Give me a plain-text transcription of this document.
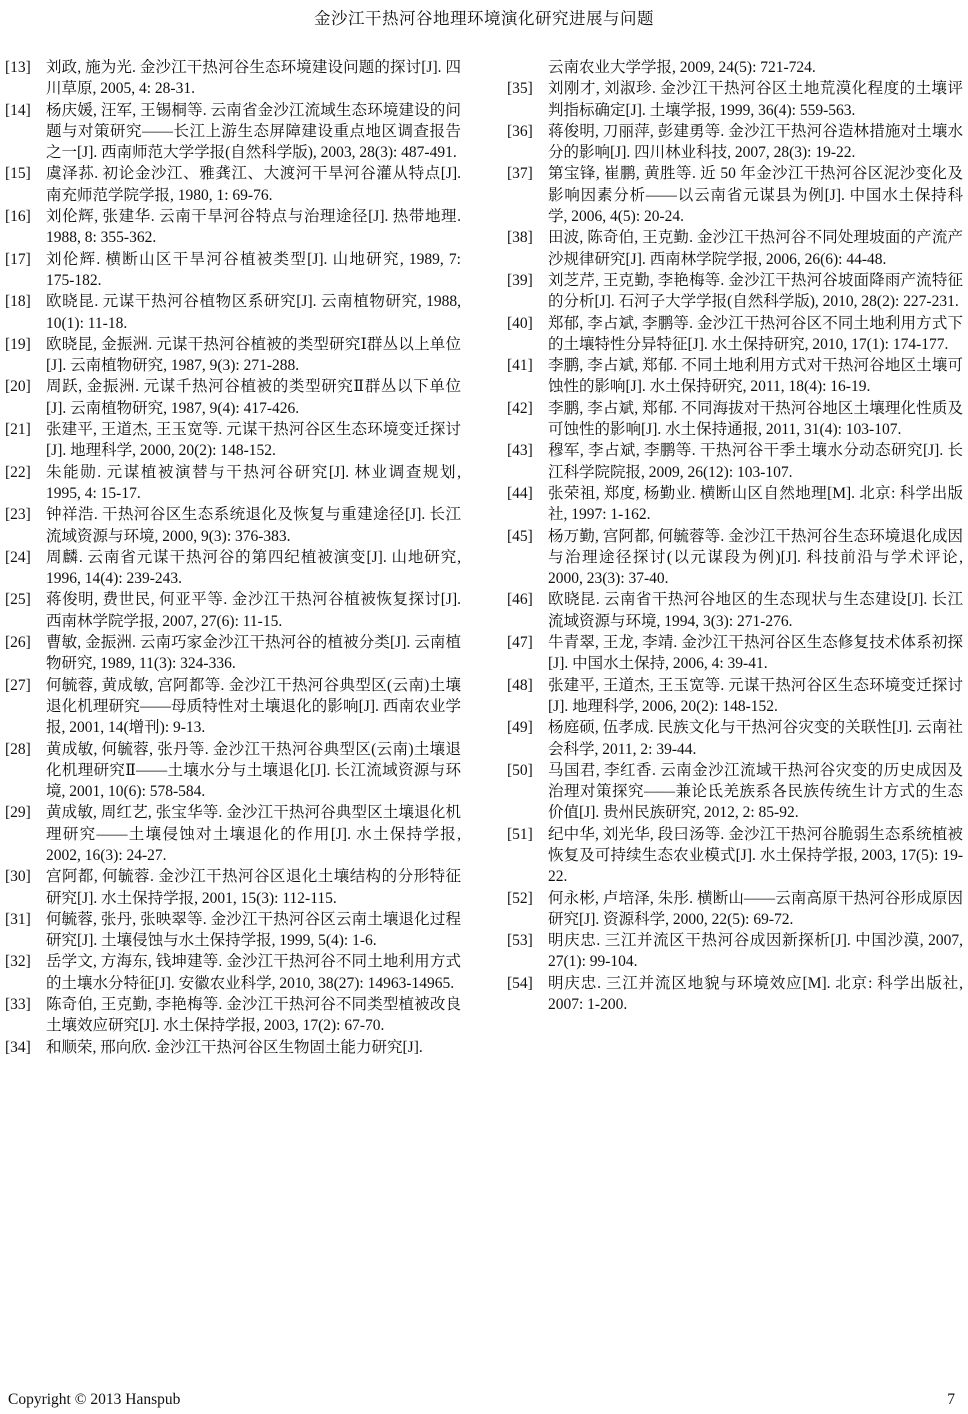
金沙江干热河谷地理环境演化研究进展与问题
[13] 刘政, 施为光. 金沙江干热河谷生态环境建设问题的探讨[J]. 四川草原, 2005, 4: 28-31.
[14] 杨庆媛, 汪军, 王锡桐等. 云南省金沙江流域生态环境建设的问题与对策研究——长江上游生态屏障建设重点地区调查报告之一[J]. 西南师范大学学报(自然科学版), 2003, 28(3): 487-491.
[15] 虞泽荪. 初论金沙江、雅龚江、大渡河干旱河谷灌从特点[J]. 南充师范学院学报, 1980, 1: 69-76.
[16] 刘伦辉, 张建华. 云南干旱河谷特点与治理途径[J]. 热带地理. 1988, 8: 355-362.
[17] 刘伦辉. 横断山区干旱河谷植被类型[J]. 山地研究, 1989, 7: 175-182.
[18] 欧晓昆. 元谋干热河谷植物区系研究[J]. 云南植物研究, 1988, 10(1): 11-18.
[19] 欧晓昆, 金振洲. 元谋干热河谷植被的类型研究Ⅰ群丛以上单位[J]. 云南植物研究, 1987, 9(3): 271-288.
[20] 周跃, 金振洲. 元谋千热河谷植被的类型研究Ⅱ群丛以下单位[J]. 云南植物研究, 1987, 9(4): 417-426.
[21] 张建平, 王道杰, 王玉宽等. 元谋干热河谷区生态环境变迁探讨[J]. 地理科学, 2000, 20(2): 148-152.
[22] 朱能勋. 元谋植被演替与干热河谷研究[J]. 林业调查规划, 1995, 4: 15-17.
[23] 钟祥浩. 干热河谷区生态系统退化及恢复与重建途径[J]. 长江流域资源与环境, 2000, 9(3): 376-383.
[24] 周麟. 云南省元谋干热河谷的第四纪植被演变[J]. 山地研究, 1996, 14(4): 239-243.
[25] 蒋俊明, 费世民, 何亚平等. 金沙江干热河谷植被恢复探讨[J]. 西南林学院学报, 2007, 27(6): 11-15.
[26] 曹敏, 金振洲. 云南巧家金沙江干热河谷的植被分类[J]. 云南植物研究, 1989, 11(3): 324-336.
[27] 何毓蓉, 黄成敏, 宫阿都等. 金沙江干热河谷典型区(云南)土壤退化机理研究——母质特性对土壤退化的影响[J]. 西南农业学报, 2001, 14(增刊): 9-13.
[28] 黄成敏, 何毓蓉, 张丹等. 金沙江干热河谷典型区(云南)土壤退化机理研究Ⅱ——土壤水分与土壤退化[J]. 长江流域资源与环境, 2001, 10(6): 578-584.
[29] 黄成敏, 周红艺, 张宝华等. 金沙江干热河谷典型区土壤退化机理研究——土壤侵蚀对土壤退化的作用[J]. 水土保持学报, 2002, 16(3): 24-27.
[30] 宫阿都, 何毓蓉. 金沙江干热河谷区退化土壤结构的分形特征研究[J]. 水土保持学报, 2001, 15(3): 112-115.
[31] 何毓蓉, 张丹, 张映翠等. 金沙江干热河谷区云南土壤退化过程研究[J]. 土壤侵蚀与水土保持学报, 1999, 5(4): 1-6.
[32] 岳学文, 方海东, 钱坤建等. 金沙江干热河谷不同土地利用方式的土壤水分特征[J]. 安徽农业科学, 2010, 38(27): 14963-14965.
[33] 陈奇伯, 王克勤, 李艳梅等. 金沙江干热河谷不同类型植被改良土壤效应研究[J]. 水土保持学报, 2003, 17(2): 67-70.
[34] 和顺荣, 邢向欣. 金沙江干热河谷区生物固土能力研究[J].
云南农业大学学报, 2009, 24(5): 721-724.
[35] 刘刚才, 刘淑珍. 金沙江干热河谷区土地荒漠化程度的土壤评判指标确定[J]. 土壤学报, 1999, 36(4): 559-563.
[36] 蒋俊明, 刀丽萍, 彭建勇等. 金沙江干热河谷造林措施对土壤水分的影响[J]. 四川林业科技, 2007, 28(3): 19-22.
[37] 第宝锋, 崔鹏, 黄胜等. 近 50 年金沙江干热河谷区泥沙变化及影响因素分析——以云南省元谋县为例[J]. 中国水土保持科学, 2006, 4(5): 20-24.
[38] 田波, 陈奇伯, 王克勤. 金沙江干热河谷不同处理坡面的产流产沙规律研究[J]. 西南林学院学报, 2006, 26(6): 44-48.
[39] 刘芝芹, 王克勤, 李艳梅等. 金沙江干热河谷坡面降雨产流特征的分析[J]. 石河子大学学报(自然科学版), 2010, 28(2): 227-231.
[40] 郑郁, 李占斌, 李鹏等. 金沙江干热河谷区不同土地利用方式下的土壤特性分异特征[J]. 水土保持研究, 2010, 17(1): 174-177.
[41] 李鹏, 李占斌, 郑郁. 不同土地利用方式对干热河谷地区土壤可蚀性的影响[J]. 水土保持研究, 2011, 18(4): 16-19.
[42] 李鹏, 李占斌, 郑郁. 不同海拔对干热河谷地区土壤理化性质及可蚀性的影响[J]. 水土保持通报, 2011, 31(4): 103-107.
[43] 穆军, 李占斌, 李鹏等. 干热河谷干季土壤水分动态研究[J]. 长江科学院院报, 2009, 26(12): 103-107.
[44] 张荣祖, 郑度, 杨勤业. 横断山区自然地理[M]. 北京: 科学出版社, 1997: 1-162.
[45] 杨万勤, 宫阿都, 何毓蓉等. 金沙江干热河谷生态环境退化成因与治理途径探讨(以元谋段为例)[J]. 科技前沿与学术评论, 2000, 23(3): 37-40.
[46] 欧晓昆. 云南省干热河谷地区的生态现状与生态建设[J]. 长江流域资源与环境, 1994, 3(3): 271-276.
[47] 牛青翠, 王龙, 李靖. 金沙江干热河谷区生态修复技术体系初探[J]. 中国水土保持, 2006, 4: 39-41.
[48] 张建平, 王道杰, 王玉宽等. 元谋干热河谷区生态环境变迁探讨[J]. 地理科学, 2006, 20(2): 148-152.
[49] 杨庭硕, 伍孝成. 民族文化与干热河谷灾变的关联性[J]. 云南社会科学, 2011, 2: 39-44.
[50] 马国君, 李红香. 云南金沙江流域干热河谷灾变的历史成因及治理对策探究——兼论氐羌族系各民族传统生计方式的生态价值[J]. 贵州民族研究, 2012, 2: 85-92.
[51] 纪中华, 刘光华, 段曰汤等. 金沙江干热河谷脆弱生态系统植被恢复及可持续生态农业模式[J]. 水土保持学报, 2003, 17(5): 19-22.
[52] 何永彬, 卢培泽, 朱彤. 横断山——云南高原干热河谷形成原因研究[J]. 资源科学, 2000, 22(5): 69-72.
[53] 明庆忠. 三江并流区干热河谷成因新探析[J]. 中国沙漠, 2007, 27(1): 99-104.
[54] 明庆忠. 三江并流区地貌与环境效应[M]. 北京: 科学出版社, 2007: 1-200.
Copyright © 2013 Hanspub	7
